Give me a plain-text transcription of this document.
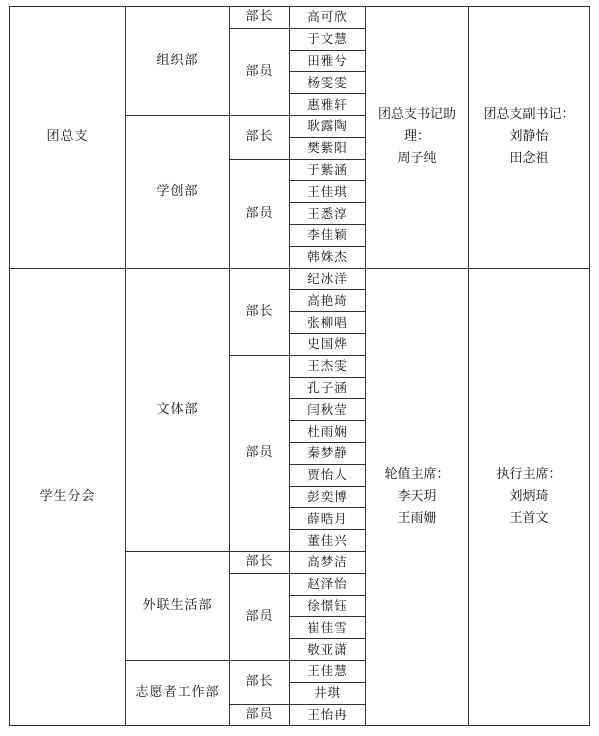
高可欣
部长
于文慧
田雅兮
杨雯雯
惠雅轩
部员
组织部
耿露陶
樊紫阳
部长
于紫涵
王佳琪
王悉淳
李佳颖
韩姝杰
部员
学创部
团总支
团总支书记助理：
周子纯
团总支副书记：
刘静怡
田念祖
纪冰洋
高艳琦
张柳唱
史国烨
部长
王杰雯
孔子涵
闫秋莹
杜雨娴
秦梦静
贾怡人
彭奕博
薛晧月
董佳兴
部员
文体部
高梦洁
部长
赵泽怡
徐憬钰
崔佳雪
敬亚潇
部员
外联生活部
王佳慧
井琪
部长
王怡冉
部员
志愿者工作部
学生分会
轮值主席：
李天玥
王雨姗
执行主席：
刘炳琦
王首文
